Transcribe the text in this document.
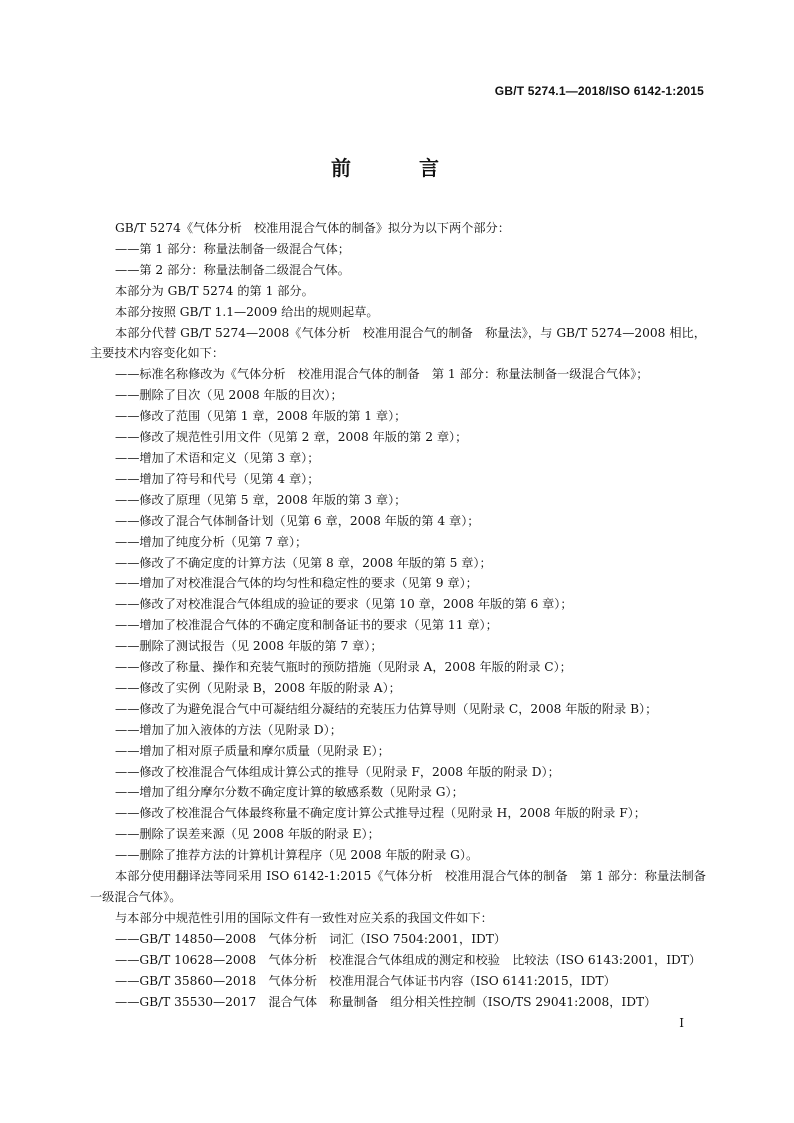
GB/T 5274.1—2018/ISO 6142-1:2015
前　言

GB/T 5274《气体分析　校准用混合气体的制备》拟分为以下两个部分：

——第 1 部分：称量法制备一级混合气体；

——第 2 部分：称量法制备二级混合气体。

本部分为 GB/T 5274 的第 1 部分。

本部分按照 GB/T 1.1—2009 给出的规则起草。

本部分代替 GB/T 5274—2008《气体分析　校准用混合气的制备　称量法》，与 GB/T 5274—2008 相比，主要技术内容变化如下：

——标准名称修改为《气体分析　校准用混合气体的制备　第 1 部分：称量法制备一级混合气体》；

——删除了目次（见 2008 年版的目次）；

——修改了范围（见第 1 章，2008 年版的第 1 章）；

——修改了规范性引用文件（见第 2 章，2008 年版的第 2 章）；

——增加了术语和定义（见第 3 章）；

——增加了符号和代号（见第 4 章）；

——修改了原理（见第 5 章，2008 年版的第 3 章）；

——修改了混合气体制备计划（见第 6 章，2008 年版的第 4 章）；

——增加了纯度分析（见第 7 章）；

——修改了不确定度的计算方法（见第 8 章，2008 年版的第 5 章）；

——增加了对校准混合气体的均匀性和稳定性的要求（见第 9 章）；

——修改了对校准混合气体组成的验证的要求（见第 10 章，2008 年版的第 6 章）；

——增加了校准混合气体的不确定度和制备证书的要求（见第 11 章）；

——删除了测试报告（见 2008 年版的第 7 章）；

——修改了称量、操作和充装气瓶时的预防措施（见附录 A，2008 年版的附录 C）；

——修改了实例（见附录 B，2008 年版的附录 A）；

——修改了为避免混合气中可凝结组分凝结的充装压力估算导则（见附录 C，2008 年版的附录 B）；

——增加了加入液体的方法（见附录 D）；

——增加了相对原子质量和摩尔质量（见附录 E）；

——修改了校准混合气体组成计算公式的推导（见附录 F，2008 年版的附录 D）；

——增加了组分摩尔分数不确定度计算的敏感系数（见附录 G）；

——修改了校准混合气体最终称量不确定度计算公式推导过程（见附录 H，2008 年版的附录 F）；

——删除了误差来源（见 2008 年版的附录 E）；

——删除了推荐方法的计算机计算程序（见 2008 年版的附录 G）。

本部分使用翻译法等同采用 ISO 6142-1:2015《气体分析　校准用混合气体的制备　第 1 部分：称量法制备一级混合气体》。

与本部分中规范性引用的国际文件有一致性对应关系的我国文件如下：

——GB/T 14850—2008　气体分析　词汇（ISO 7504:2001，IDT）

——GB/T 10628—2008　气体分析　校准混合气体组成的测定和校验　比较法（ISO 6143:2001，IDT）

——GB/T 35860—2018　气体分析　校准用混合气体证书内容（ISO 6141:2015，IDT）

——GB/T 35530—2017　混合气体　称量制备　组分相关性控制（ISO/TS 29041:2008，IDT）

I
